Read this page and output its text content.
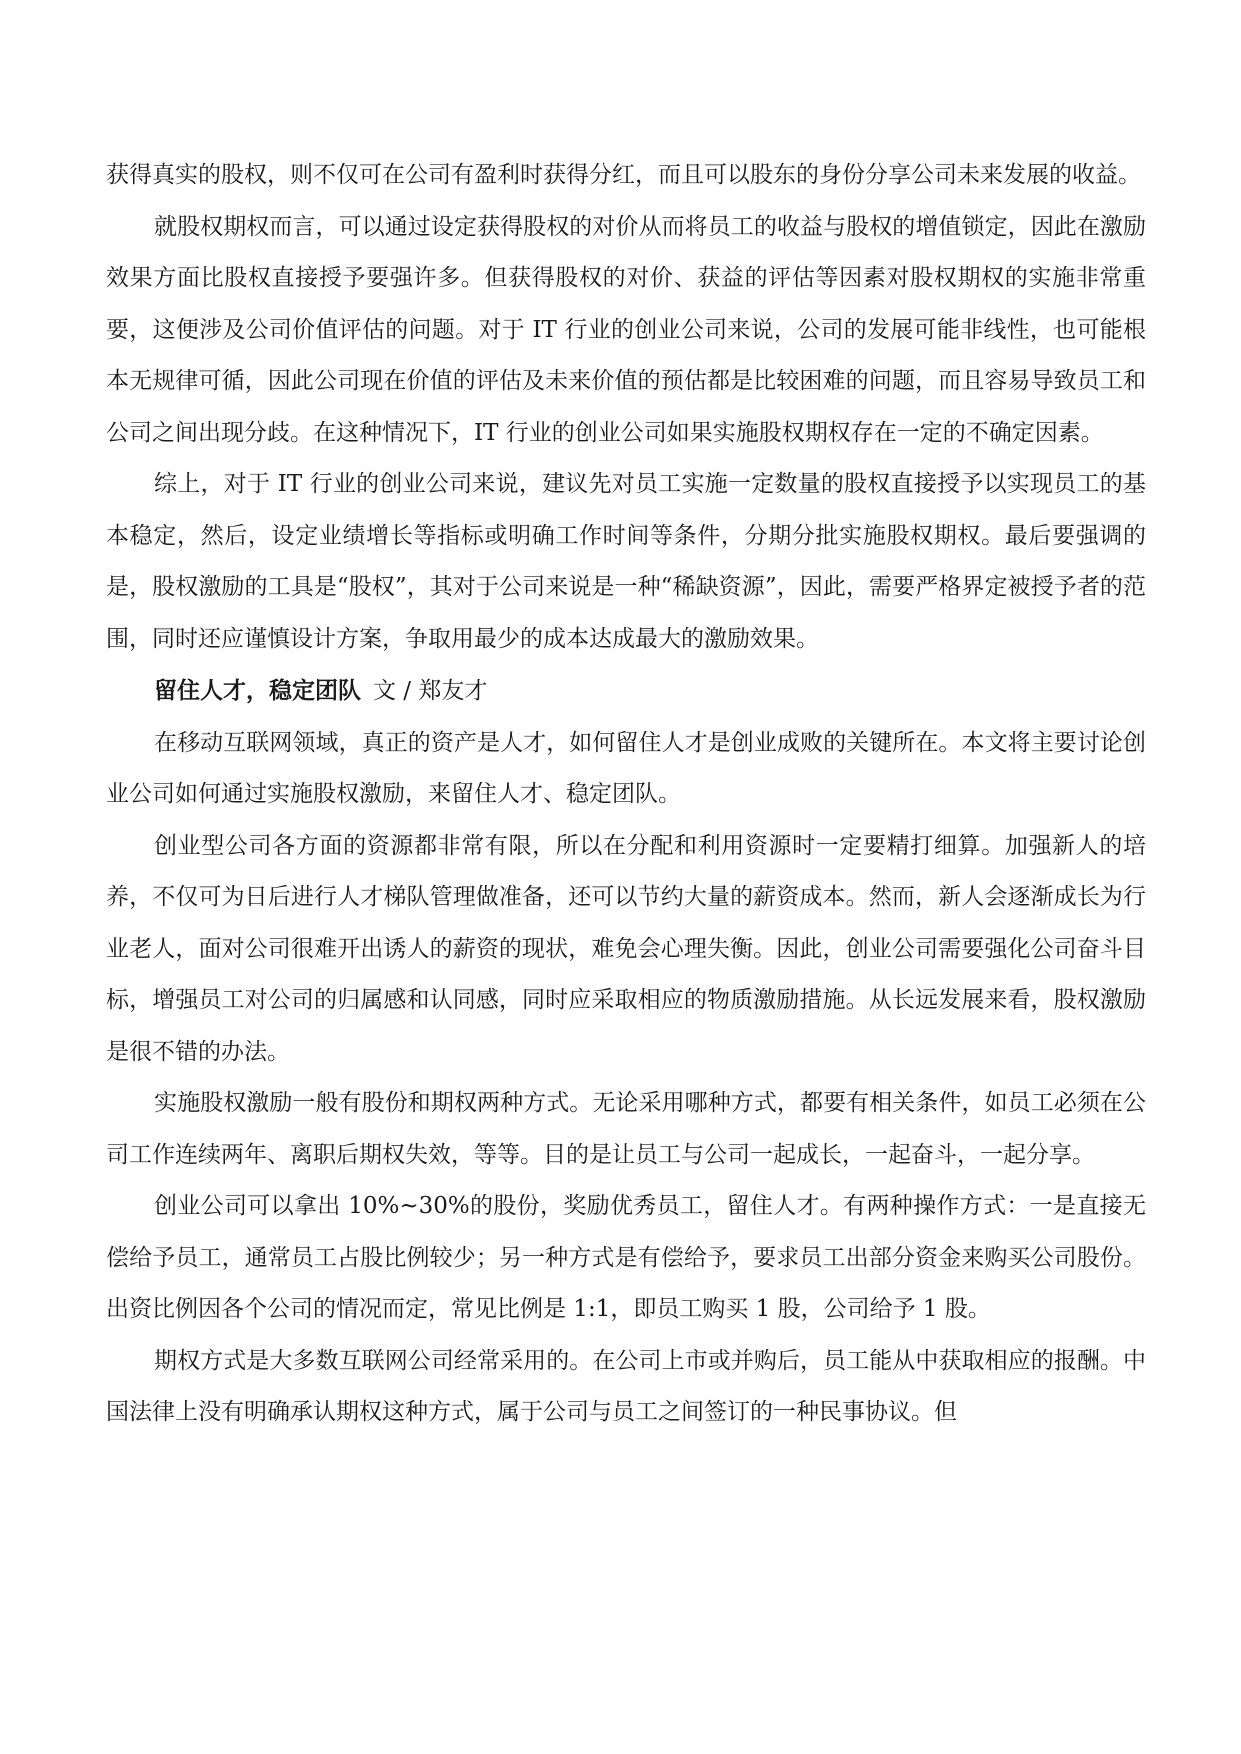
获得真实的股权，则不仅可在公司有盈利时获得分红，而且可以股东的身份分享公司未来发展的收益。

就股权期权而言，可以通过设定获得股权的对价从而将员工的收益与股权的增值锁定，因此在激励效果方面比股权直接授予要强许多。但获得股权的对价、获益的评估等因素对股权期权的实施非常重要，这便涉及公司价值评估的问题。对于 IT 行业的创业公司来说，公司的发展可能非线性，也可能根本无规律可循，因此公司现在价值的评估及未来价值的预估都是比较困难的问题，而且容易导致员工和公司之间出现分歧。在这种情况下，IT 行业的创业公司如果实施股权期权存在一定的不确定因素。

综上，对于 IT 行业的创业公司来说，建议先对员工实施一定数量的股权直接授予以实现员工的基本稳定，然后，设定业绩增长等指标或明确工作时间等条件，分期分批实施股权期权。最后要强调的是，股权激励的工具是“股权”，其对于公司来说是一种“稀缺资源”，因此，需要严格界定被授予者的范围，同时还应谨慎设计方案，争取用最少的成本达成最大的激励效果。

留住人才，稳定团队 文 / 郑友才

在移动互联网领域，真正的资产是人才，如何留住人才是创业成败的关键所在。本文将主要讨论创业公司如何通过实施股权激励，来留住人才、稳定团队。

创业型公司各方面的资源都非常有限，所以在分配和利用资源时一定要精打细算。加强新人的培养，不仅可为日后进行人才梯队管理做准备，还可以节约大量的薪资成本。然而，新人会逐渐成长为行业老人，面对公司很难开出诱人的薪资的现状，难免会心理失衡。因此，创业公司需要强化公司奋斗目标，增强员工对公司的归属感和认同感，同时应采取相应的物质激励措施。从长远发展来看，股权激励是很不错的办法。

实施股权激励一般有股份和期权两种方式。无论采用哪种方式，都要有相关条件，如员工必须在公司工作连续两年、离职后期权失效，等等。目的是让员工与公司一起成长，一起奋斗，一起分享。

创业公司可以拿出 10%~30%的股份，奖励优秀员工，留住人才。有两种操作方式：一是直接无偿给予员工，通常员工占股比例较少；另一种方式是有偿给予，要求员工出部分资金来购买公司股份。出资比例因各个公司的情况而定，常见比例是 1:1，即员工购买 1 股，公司给予 1 股。

期权方式是大多数互联网公司经常采用的。在公司上市或并购后，员工能从中获取相应的报酬。中国法律上没有明确承认期权这种方式，属于公司与员工之间签订的一种民事协议。但
